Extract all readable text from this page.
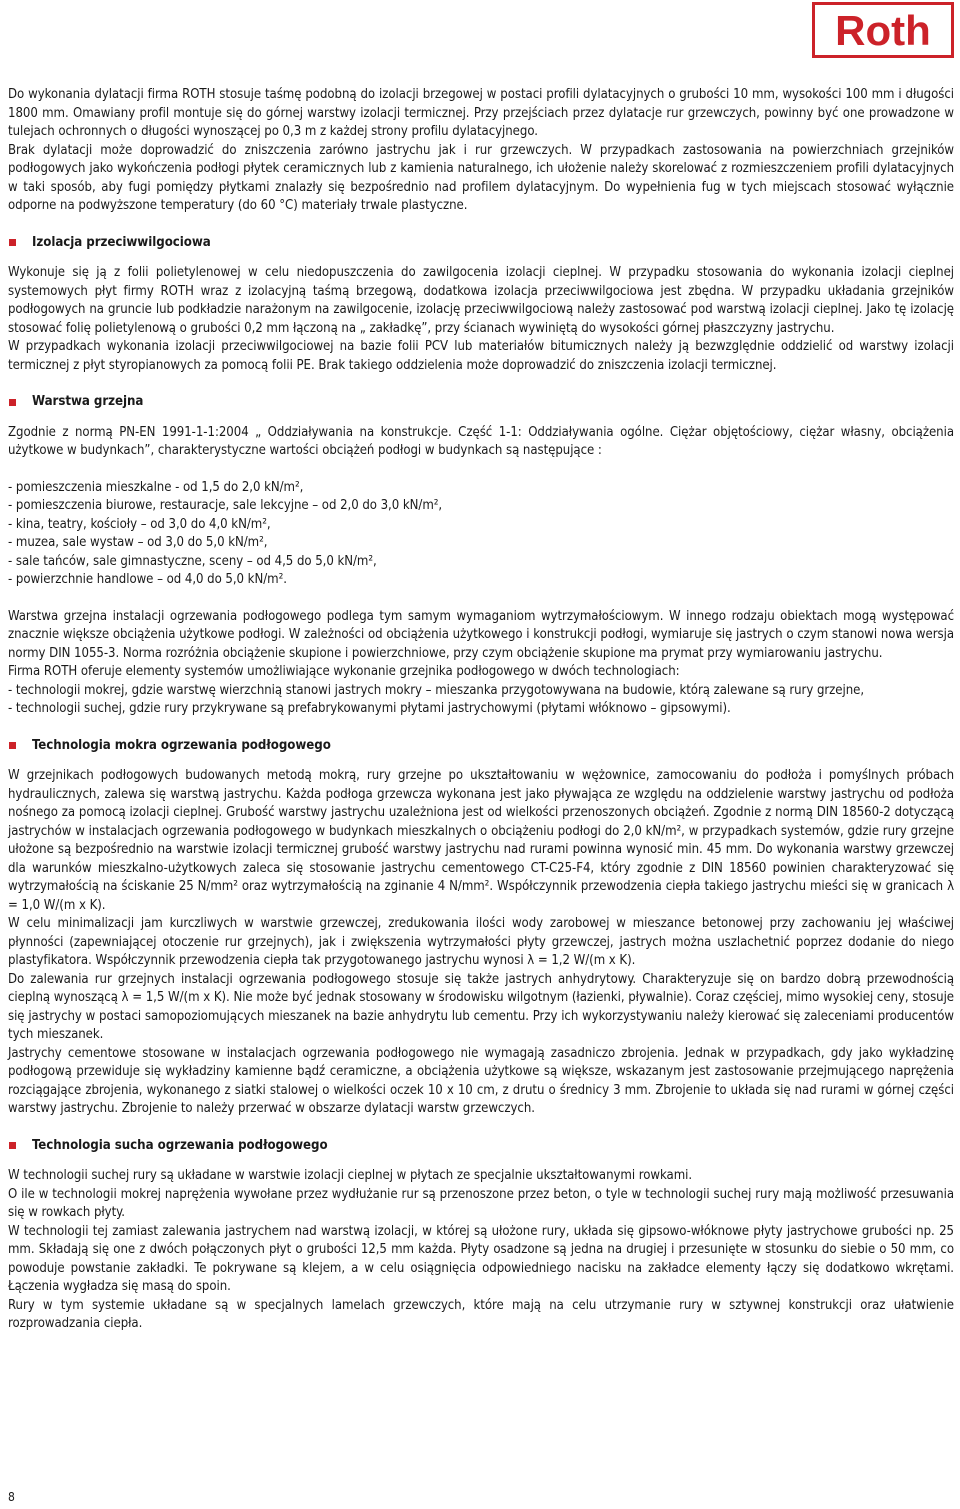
Roth

Do wykonania dylatacji firma ROTH stosuje taśmę podobną do izolacji brzegowej w postaci profili dylatacyjnych o grubości 10 mm, wysokości 100 mm i długości 1800 mm. Omawiany profil montuje się do górnej warstwy izolacji termicznej. Przy przejściach przez dylatacje rur grzewczych, powinny być one prowadzone w tulejach ochronnych o długości wynoszącej po 0,3 m z każdej strony profilu dylatacyjnego.

Brak dylatacji może doprowadzić do zniszczenia zarówno jastrychu jak i rur grzewczych. W przypadkach zastosowania na powierzchniach grzejników podłogowych jako wykończenia podłogi płytek ceramicznych lub z kamienia naturalnego, ich ułożenie należy skorelować z rozmieszczeniem profili dylatacyjnych w taki sposób, aby fugi pomiędzy płytkami znalazły się bezpośrednio nad profilem dylatacyjnym. Do wypełnienia fug w tych miejscach stosować wyłącznie odporne na podwyższone temperatury (do 60 °C) materiały trwale plastyczne.

Izolacja przeciwwilgociowa

Wykonuje się ją z folii polietylenowej w celu niedopuszczenia do zawilgocenia izolacji cieplnej. W przypadku stosowania do wykonania izolacji cieplnej systemowych płyt firmy ROTH wraz z izolacyjną taśmą brzegową, dodatkowa izolacja przeciwwilgociowa jest zbędna. W przypadku układania grzejników podłogowych na gruncie lub podkładzie narażonym na zawilgocenie, izolację przeciwwilgociową należy zastosować pod warstwą izolacji cieplnej. Jako tę izolację stosować folię polietylenową o grubości 0,2 mm łączoną na „ zakładkę”, przy ścianach wywiniętą do wysokości górnej płaszczyzny jastrychu.

W przypadkach wykonania izolacji przeciwwilgociowej na bazie folii PCV lub materiałów bitumicznych należy ją bezwzględnie oddzielić od warstwy izolacji termicznej z płyt styropianowych za pomocą folii PE. Brak takiego oddzielenia może doprowadzić do zniszczenia izolacji termicznej.

Warstwa grzejna

Zgodnie z normą PN-EN 1991-1-1:2004 „ Oddziaływania na konstrukcje. Część 1-1: Oddziaływania ogólne. Ciężar objętościowy, ciężar własny, obciążenia użytkowe w budynkach”, charakterystyczne wartości obciążeń podłogi w budynkach są następujące :

- pomieszczenia mieszkalne - od 1,5 do 2,0 kN/m²,
- pomieszczenia biurowe, restauracje, sale lekcyjne – od 2,0 do 3,0 kN/m²,
- kina, teatry, kościoły – od 3,0 do 4,0 kN/m²,
- muzea, sale wystaw – od 3,0 do 5,0 kN/m²,
- sale tańców, sale gimnastyczne, sceny – od 4,5 do 5,0 kN/m²,
- powierzchnie handlowe – od 4,0 do 5,0 kN/m².

Warstwa grzejna instalacji ogrzewania podłogowego podlega tym samym wymaganiom wytrzymałościowym. W innego rodzaju obiektach mogą występować znacznie większe obciążenia użytkowe podłogi. W zależności od obciążenia użytkowego i konstrukcji podłogi, wymiaruje się jastrych o czym stanowi nowa wersja normy DIN 1055-3. Norma rozróżnia obciążenie skupione i powierzchniowe, przy czym obciążenie skupione ma prymat przy wymiarowaniu jastrychu.

Firma ROTH oferuje elementy systemów umożliwiające wykonanie grzejnika podłogowego w dwóch technologiach:

- technologii mokrej, gdzie warstwę wierzchnią stanowi jastrych mokry – mieszanka przygotowywana na budowie, którą zalewane są rury grzejne,

- technologii suchej, gdzie rury przykrywane są prefabrykowanymi płytami jastrychowymi (płytami włóknowo – gipsowymi).

Technologia mokra ogrzewania podłogowego

W grzejnikach podłogowych budowanych metodą mokrą, rury grzejne po ukształtowaniu w wężownice, zamocowaniu do podłoża i pomyślnych próbach hydraulicznych, zalewa się warstwą jastrychu. Każda podłoga grzewcza wykonana jest jako pływająca ze względu na oddzielenie warstwy jastrychu od podłoża nośnego za pomocą izolacji cieplnej. Grubość warstwy jastrychu uzależniona jest od wielkości przenoszonych obciążeń. Zgodnie z normą DIN 18560-2 dotyczącą jastrychów w instalacjach ogrzewania podłogowego w budynkach mieszkalnych o obciążeniu podłogi do 2,0 kN/m², w przypadkach systemów, gdzie rury grzejne ułożone są bezpośrednio na warstwie izolacji termicznej grubość warstwy jastrychu nad rurami powinna wynosić min. 45 mm. Do wykonania warstwy grzewczej dla warunków mieszkalno-użytkowych zaleca się stosowanie jastrychu cementowego CT-C25-F4, który zgodnie z DIN 18560 powinien charakteryzować się wytrzymałością na ściskanie 25 N/mm² oraz wytrzymałością na zginanie 4 N/mm². Współczynnik przewodzenia ciepła takiego jastrychu mieści się w granicach λ = 1,0 W/(m x K).

W celu minimalizacji jam kurczliwych w warstwie grzewczej, zredukowania ilości wody zarobowej w mieszance betonowej przy zachowaniu jej właściwej płynności (zapewniającej otoczenie rur grzejnych), jak i zwiększenia wytrzymałości płyty grzewczej, jastrych można uszlachetnić poprzez dodanie do niego plastyfikatora. Współczynnik przewodzenia ciepła tak przygotowanego jastrychu wynosi λ = 1,2 W/(m x K).

Do zalewania rur grzejnych instalacji ogrzewania podłogowego stosuje się także jastrych anhydrytowy. Charakteryzuje się on bardzo dobrą przewodnością cieplną wynoszącą λ = 1,5 W/(m x K). Nie może być jednak stosowany w środowisku wilgotnym (łazienki, pływalnie). Coraz częściej, mimo wysokiej ceny, stosuje się jastrychy w postaci samopoziomujących mieszanek na bazie anhydrytu lub cementu. Przy ich wykorzystywaniu należy kierować się zaleceniami producentów tych mieszanek.

Jastrychy cementowe stosowane w instalacjach ogrzewania podłogowego nie wymagają zasadniczo zbrojenia. Jednak w przypadkach, gdy jako wykładzinę podłogową przewiduje się wykładziny kamienne bądź ceramiczne, a obciążenia użytkowe są większe, wskazanym jest zastosowanie przejmującego naprężenia rozciągające zbrojenia, wykonanego z siatki stalowej o wielkości oczek 10 x 10 cm, z drutu o średnicy 3 mm. Zbrojenie to układa się nad rurami w górnej części warstwy jastrychu. Zbrojenie to należy przerwać w obszarze dylatacji warstw grzewczych.

Technologia sucha ogrzewania podłogowego

W technologii suchej rury są układane w warstwie izolacji cieplnej w płytach ze specjalnie ukształtowanymi rowkami.

O ile w technologii mokrej naprężenia wywołane przez wydłużanie rur są przenoszone przez beton, o tyle w technologii suchej rury mają możliwość przesuwania się w rowkach płyty.

W technologii tej zamiast zalewania jastrychem nad warstwą izolacji, w której są ułożone rury, układa się gipsowo-włóknowe płyty jastrychowe grubości np. 25 mm. Składają się one z dwóch połączonych płyt o grubości 12,5 mm każda. Płyty osadzone są jedna na drugiej i przesunięte w stosunku do siebie o 50 mm, co powoduje powstanie zakładki. Te pokrywane są klejem, a w celu osiągnięcia odpowiedniego nacisku na zakładce elementy łączy się dodatkowo wkrętami. Łączenia wygładza się masą do spoin.

Rury w tym systemie układane są w specjalnych lamelach grzewczych, które mają na celu utrzymanie rury w sztywnej konstrukcji oraz ułatwienie rozprowadzania ciepła.

8
